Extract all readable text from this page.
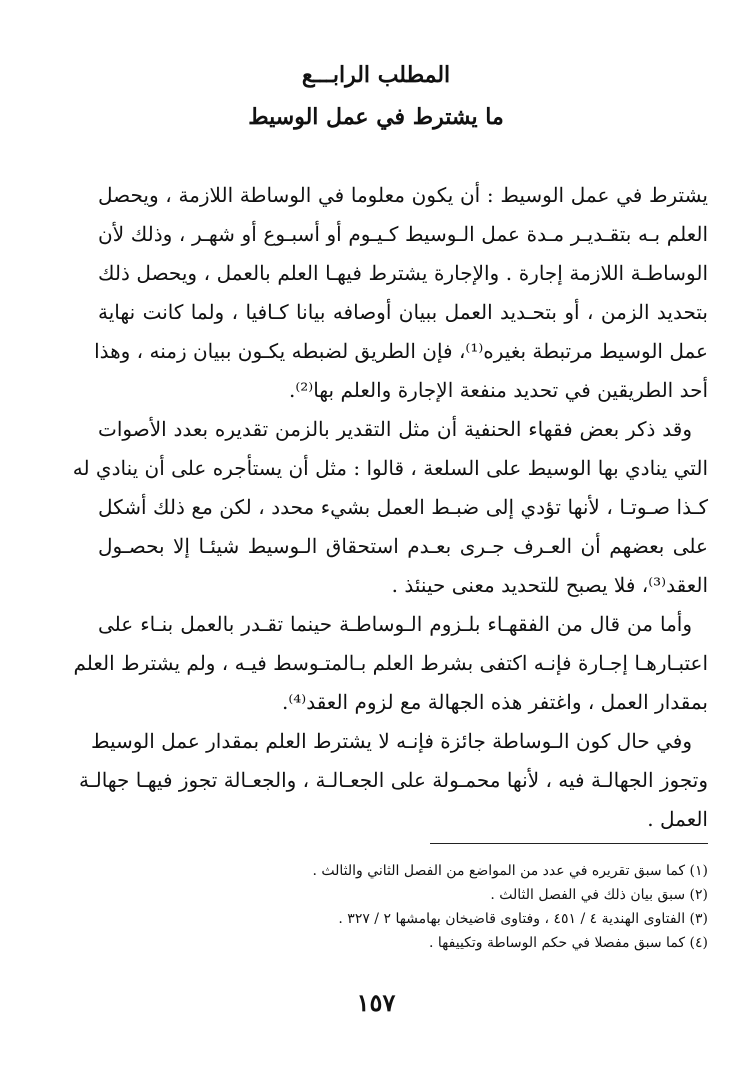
المطلب الرابـــع
ما يشترط في عمل الوسيط
يشترط في عمل الوسيط : أن يكون معلوما في الوساطة اللازمة ، ويحصل
العلم بـه بتقـديـر مـدة عمل الـوسيط كـيـوم أو أسبـوع أو شهـر ، وذلك لأن
الوساطـة اللازمة إجارة . والإجارة يشترط فيهـا العلم بالعمل ، ويحصل ذلك
بتحديد الزمن ، أو بتحـديد العمل ببيان أوصافه بيانا كـافيا ، ولما كانت نهاية
عمل الوسيط مرتبطة بغيره⁽¹⁾، فإن الطريق لضبطه يكـون ببيان زمنه ، وهذا
أحد الطريقين في تحديد منفعة الإجارة والعلم بها⁽²⁾.
وقد ذكر بعض فقهاء الحنفية أن مثل التقدير بالزمن تقديره بعدد الأصوات
التي ينادي بها الوسيط على السلعة ، قالوا : مثل أن يستأجره على أن ينادي له
كـذا صـوتـا ، لأنها تؤدي إلى ضبـط العمل بشيء محدد ، لكن مع ذلك أشكل
على بعضهم أن العـرف جـرى بعـدم استحقاق الـوسيط شيئـا إلا بحصـول
العقد⁽³⁾، فلا يصبح للتحديد معنى حينئذ .
وأما من قال من الفقهـاء بلـزوم الـوساطـة حينما تقـدر بالعمل بنـاء على
اعتبـارهـا إجـارة فإنـه اكتفى بشرط العلم بـالمتـوسط فيـه ، ولم يشترط العلم
بمقدار العمل ، واغتفر هذه الجهالة مع لزوم العقد⁽⁴⁾.
وفي حال كون الـوساطة جائزة فإنـه لا يشترط العلم بمقدار عمل الوسيط
وتجوز الجهالـة فيه ، لأنها محمـولة على الجعـالـة ، والجعـالة تجوز فيهـا جهالـة
العمل .
(١) كما سبق تقريره في عدد من المواضع من الفصل الثاني والثالث .
(٢) سبق بيان ذلك في الفصل الثالث .
(٣) الفتاوى الهندية ٤ / ٤٥١ ، وفتاوى قاضيخان بهامشها ٢ / ٣٢٧ .
(٤) كما سبق مفصلا في حكم الوساطة وتكييفها .
١٥٧
